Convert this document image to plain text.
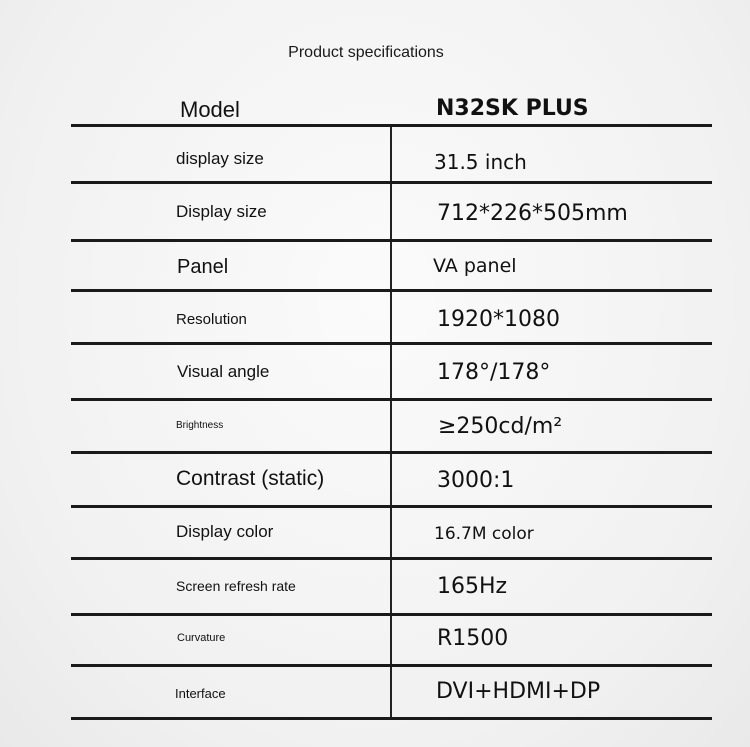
Product specifications
Model	N32SK PLUS
display size	31.5 inch
Display size	712*226*505mm
Panel	VA panel
Resolution	1920*1080
Visual angle	178°/178°
Brightness	≥250cd/m²
Contrast (static)	3000:1
Display color	16.7M color
Screen refresh rate	165Hz
Curvature	R1500
Interface	DVI+HDMI+DP
